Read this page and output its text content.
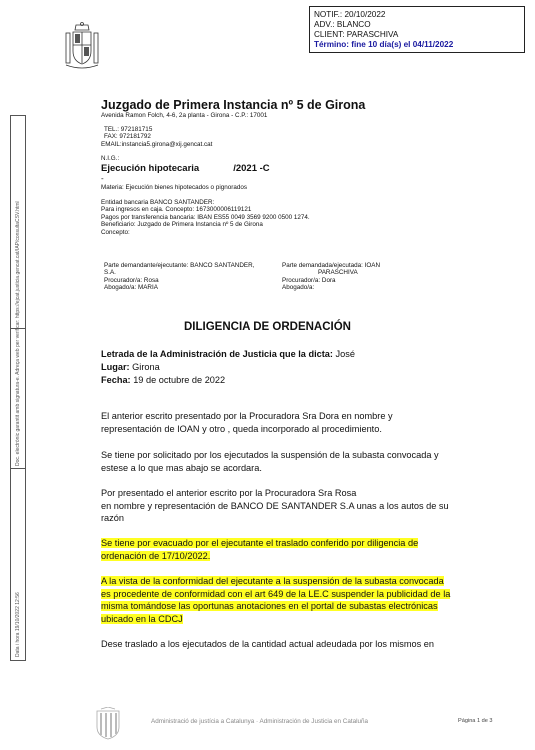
NOTIF.: 20/10/2022
ADV.: BLANCO
CLIENT: PARASCHIVA
Término: fine 10 día(s) el 04/11/2022
Juzgado de Primera Instancia nº 5 de Girona
Avenida Ramon Folch, 4-6, 2a planta - Girona - C.P.: 17001
TEL.: 972181715
FAX: 972181792
EMAIL:instancia5.girona@xij.gencat.cat
N.I.G.:
Ejecución hipotecaria	/2021 -C
-
Materia: Ejecución bienes hipotecados o pignorados
Entidad bancaria BANCO SANTANDER:
Para ingresos en caja. Concepto: 1673000006119121
Pagos por transferencia bancaria: IBAN ES55 0049 3569 9200 0500 1274.
Beneficiario: Juzgado de Primera Instancia nº 5 de Girona
Concepto:
Parte demandante/ejecutante: BANCO SANTANDER,
S.A.
Procurador/a: Rosa
Abogado/a: MARIA
Parte demandada/ejecutada: IOAN
PARASCHIVA
Procurador/a: Dora
Abogado/a:
DILIGENCIA DE ORDENACIÓN
Letrada de la Administración de Justicia que la dicta: José
Lugar: Girona
Fecha: 19 de octubre de 2022
El anterior escrito presentado por la Procuradora Sra Dora en nombre y
representación de IOAN y otro , queda incorporado al procedimiento.
Se tiene por solicitado por los ejecutados la suspensión de la subasta convocada y
estese a lo que mas abajo se acordara.
Por presentado el anterior escrito por la Procuradora Sra Rosa
en nombre y representación de BANCO DE SANTANDER S.A unas a los autos de su
razón
Se tiene por evacuado por el ejecutante el traslado conferido por diligencia de
ordenación de 17/10/2022.
A la vista de la conformidad del ejecutante a la suspensión de la subasta convocada
es procedente de conformidad con el art 649 de la LE.C suspender la publicidad de la
misma tomándose las oportunas anotaciones en el portal de subastas electrónicas
ubicado en la CDCJ
Dese traslado a los ejecutados de la cantidad actual adeudada por los mismos en
Doc. electrònic garantit amb signatura-e. Adreça web per verificar: https://ejcat.justicia.gencat.cat/IAP/consultaCSV.html
Data i hora 19/10/2022 12:56
Administració de justícia a Catalunya · Administración de Justicia en Cataluña	Página 1 de 3
